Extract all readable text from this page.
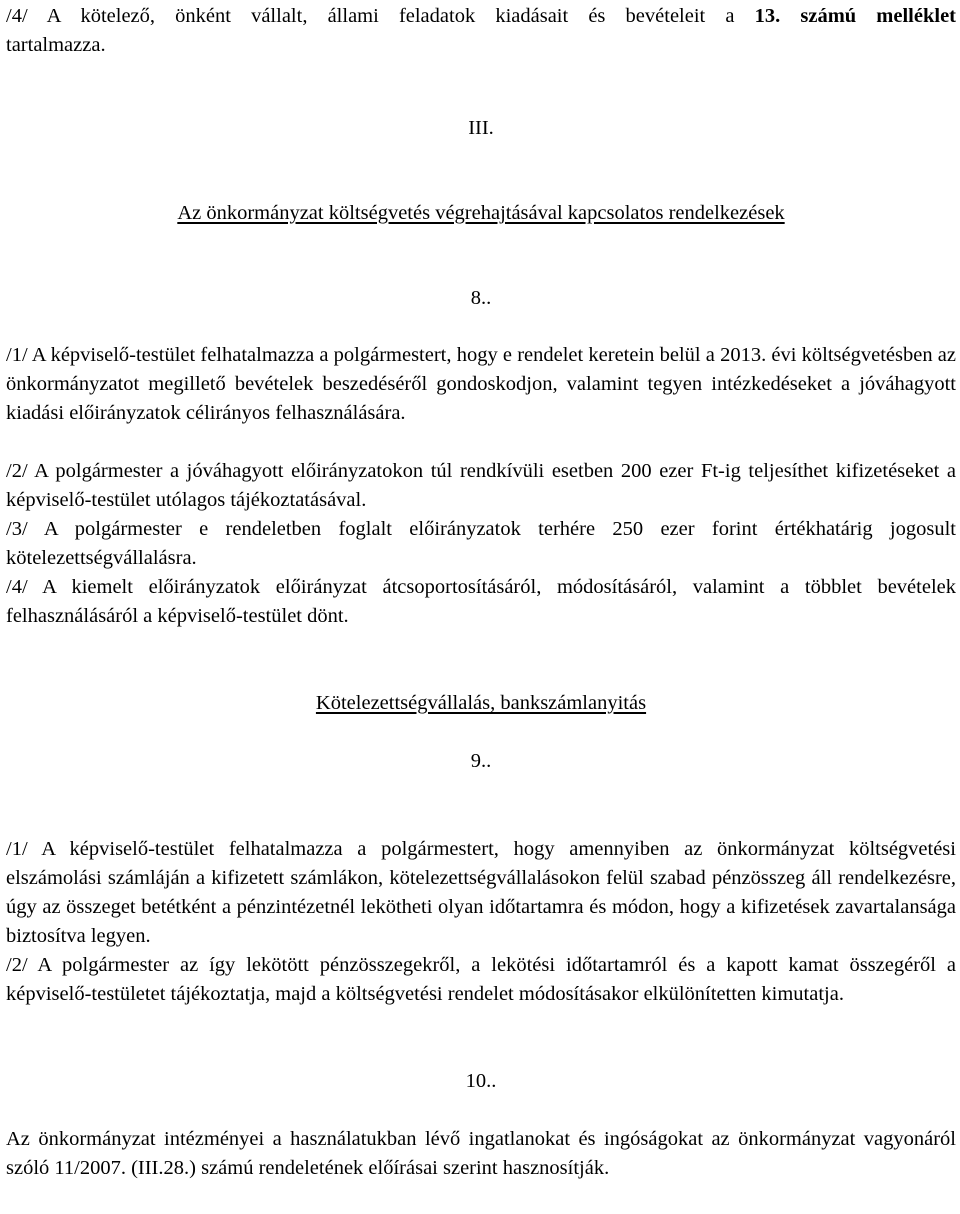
/4/ A kötelező, önként vállalt, állami feladatok kiadásait és bevételeit a 13. számú melléklet

tartalmazza.

III.

Az önkormányzat költségvetés végrehajtásával kapcsolatos rendelkezések

8..

/1/ A képviselő-testület felhatalmazza a polgármestert, hogy e rendelet keretein belül a 2013. évi költségvetésben az önkormányzatot megillető bevételek beszedéséről gondoskodjon, valamint tegyen intézkedéseket a jóváhagyott kiadási előirányzatok célirányos felhasználására.

/2/ A polgármester a jóváhagyott előirányzatokon túl rendkívüli esetben 200 ezer Ft-ig teljesíthet kifizetéseket a képviselő-testület utólagos tájékoztatásával.

/3/ A polgármester e rendeletben foglalt előirányzatok terhére 250 ezer forint értékhatárig jogosult kötelezettségvállalásra.

/4/ A kiemelt előirányzatok előirányzat átcsoportosításáról, módosításáról, valamint a többlet bevételek felhasználásáról a képviselő-testület dönt.

Kötelezettségvállalás, bankszámlanyitás

9..

/1/ A képviselő-testület felhatalmazza a polgármestert, hogy amennyiben az önkormányzat költségvetési elszámolási számláján a kifizetett számlákon, kötelezettségvállalásokon felül szabad pénzösszeg áll rendelkezésre, úgy az összeget betétként a pénzintézetnél lekötheti olyan időtartamra és módon, hogy a kifizetések zavartalansága biztosítva legyen.

/2/ A polgármester az így lekötött pénzösszegekről, a lekötési időtartamról és a kapott kamat összegéről a képviselő-testületet tájékoztatja, majd a költségvetési rendelet módosításakor elkülönítetten kimutatja.

10..

Az önkormányzat intézményei a használatukban lévő ingatlanokat és ingóságokat az önkormányzat vagyonáról szóló 11/2007. (III.28.) számú rendeletének előírásai szerint hasznosítják.
